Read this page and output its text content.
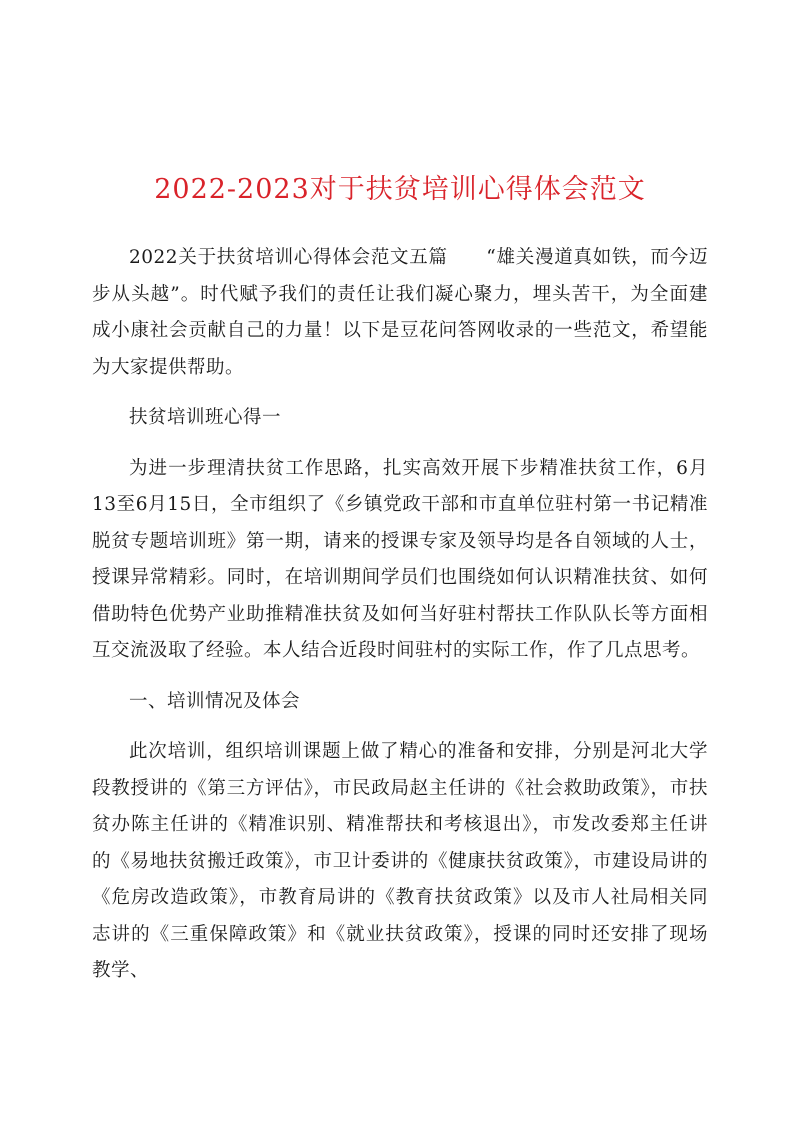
2022-2023对于扶贫培训心得体会范文

2022关于扶贫培训心得体会范文五篇　　“雄关漫道真如铁，而今迈步从头越”。时代赋予我们的责任让我们凝心聚力，埋头苦干，为全面建成小康社会贡献自己的力量！以下是豆花问答网收录的一些范文，希望能为大家提供帮助。

扶贫培训班心得一

为进一步理清扶贫工作思路，扎实高效开展下步精准扶贫工作，6月13至6月15日，全市组织了《乡镇党政干部和市直单位驻村第一书记精准脱贫专题培训班》第一期，请来的授课专家及领导均是各自领域的人士，授课异常精彩。同时，在培训期间学员们也围绕如何认识精准扶贫、如何借助特色优势产业助推精准扶贫及如何当好驻村帮扶工作队队长等方面相互交流汲取了经验。本人结合近段时间驻村的实际工作，作了几点思考。

一、培训情况及体会

此次培训，组织培训课题上做了精心的准备和安排，分别是河北大学段教授讲的《第三方评估》，市民政局赵主任讲的《社会救助政策》，市扶贫办陈主任讲的《精准识别、精准帮扶和考核退出》，市发改委郑主任讲的《易地扶贫搬迁政策》，市卫计委讲的《健康扶贫政策》，市建设局讲的《危房改造政策》，市教育局讲的《教育扶贫政策》以及市人社局相关同志讲的《三重保障政策》和《就业扶贫政策》，授课的同时还安排了现场教学、
